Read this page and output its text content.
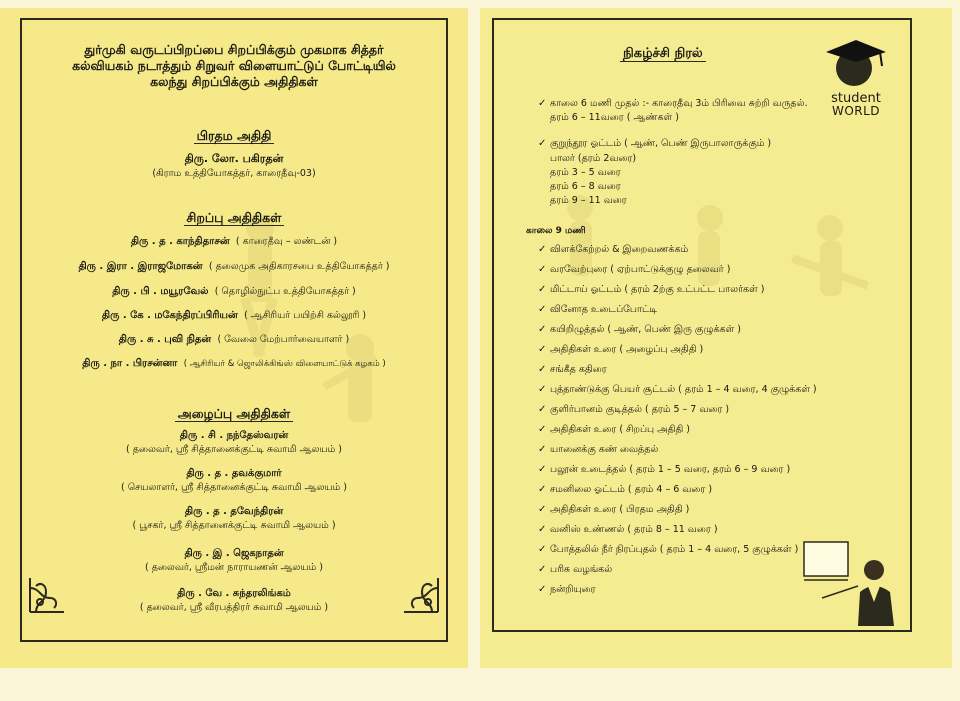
துர்முகி வருடப்பிறப்பை சிறப்பிக்கும் முகமாக சித்தர்
கல்வியகம் நடாத்தும் சிறுவர் விளையாட்டுப் போட்டியில்
கலந்து சிறப்பிக்கும் அதிதிகள்
பிரதம அதிதி
திரு. லோ. பகிரதன்
(கிராம உத்தியோகத்தர், காரைதீவு-03)
சிறப்பு அதிதிகள்
திரு . த . காந்திதாசன் ( காரைதீவு – லண்டன் )
திரு . இரா . இராஜமோகன் ( தலைமுக அதிகாரசபை உத்தியோகத்தர் )
திரு . பி . மயூரவேல் ( தொழில்நுட்ப உத்தியோகத்தர் )
திரு . கே . மகேந்திரப்பிரியன் ( ஆசிரியர் பயிற்சி கல்லூரி )
திரு . சு . புவி நிதன் ( வேலை மேற்பார்வையாளர் )
திரு . நா . பிரசன்னா ( ஆசிரியர் & ஜொலிக்கிங்ஸ் விளையாட்டுக் கழகம் )
அழைப்பு அதிதிகள்
திரு . சி . நந்தேஸ்வரன்
( தலைவர், ஸ்ரீ சித்தானைக்குட்டி சுவாமி ஆலயம் )
திரு . த . தவக்குமார்
( செயலாளர், ஸ்ரீ சித்தானைக்குட்டி சுவாமி ஆலயம் )
திரு . த . தவேந்திரன்
( பூசகர், ஸ்ரீ சித்தானைக்குட்டி சுவாமி ஆலயம் )
திரு . இ . ஜெகநாதன்
( தலைவர், ஸ்ரீமன் நாராயணன் ஆலயம் )
திரு . வே . சுந்தரலிங்கம்
( தலைவர், ஸ்ரீ வீரபத்திரர் சுவாமி ஆலயம் )
நிகழ்ச்சி நிரல்
student
WORLD
✓ காலை 6 மணி முதல் :- காரைதீவு 3ம் பிரிவை சுற்றி வருதல்.
தரம் 6 – 11வரை ( ஆண்கள் )
✓ குறுந்தூர ஓட்டம் ( ஆண், பெண் இருபாலாருக்கும் )
பாலர் (தரம் 2வரை)
தரம் 3 – 5 வரை
தரம் 6 – 8 வரை
தரம் 9 – 11 வரை
காலை 9 மணி
✓ விளக்கேற்றல் & இறைவணக்கம்
✓ வரவேற்புரை ( ஏற்பாட்டுக்குழு தலைவர் )
✓ மிட்டாய் ஓட்டம் ( தரம் 2ற்கு உட்பட்ட பாலர்கள் )
✓ வினோத உடைப்போட்டி
✓ கயிறிழுத்தல் ( ஆண், பெண் இரு குழுக்கள் )
✓ அதிதிகள் உரை ( அழைப்பு அதிதி )
✓ சங்கீத கதிரை
✓ புத்தாண்டுக்கு பெயர் சூட்டல் ( தரம் 1 – 4 வரை, 4 குழுக்கள் )
✓ குளிர்பானம் குடித்தல் ( தரம் 5 – 7 வரை )
✓ அதிதிகள் உரை ( சிறப்பு அதிதி )
✓ யானைக்கு கண் வைத்தல்
✓ பலூன் உடைத்தல் ( தரம் 1 – 5 வரை, தரம் 6 – 9 வரை )
✓ சமனிலை ஓட்டம் ( தரம் 4 – 6 வரை )
✓ அதிதிகள் உரை ( பிரதம அதிதி )
✓ வனிஸ் உண்ணல் ( தரம் 8 – 11 வரை )
✓ போத்தலில் நீர் நிரப்புதல் ( தரம் 1 – 4 வரை, 5 குழுக்கள் )
✓ பரிசு வழங்கல்
✓ நன்றியுரை
